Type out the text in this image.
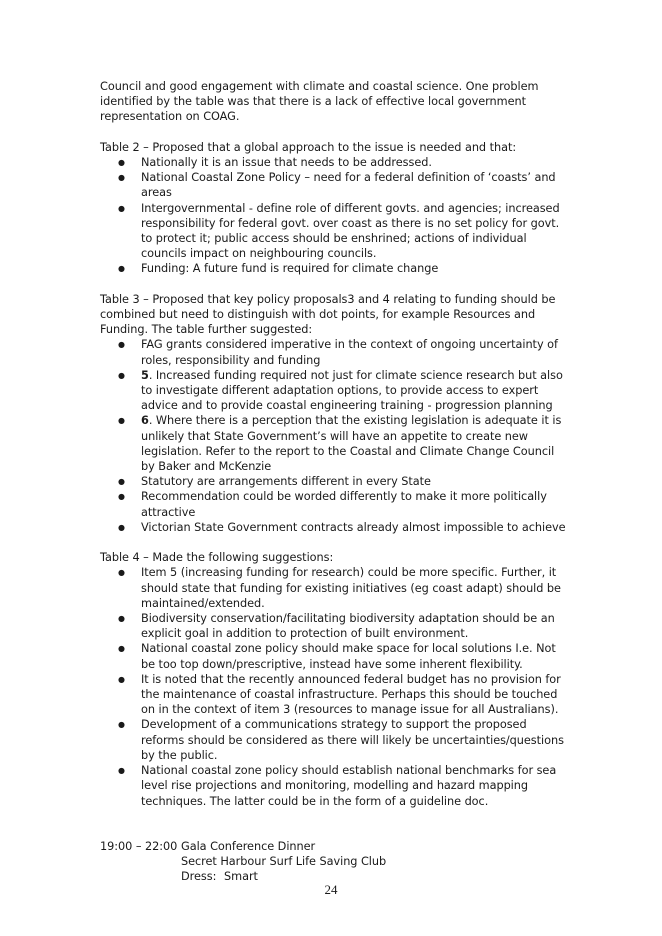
Council and good engagement with climate and coastal science. One problem identified by the table was that there is a lack of effective local government representation on COAG.

Table 2 – Proposed that a global approach to the issue is needed and that:

● Nationally it is an issue that needs to be addressed.
● National Coastal Zone Policy – need for a federal definition of ‘coasts’ and areas
● Intergovernmental - define role of different govts. and agencies; increased responsibility for federal govt. over coast as there is no set policy for govt. to protect it; public access should be enshrined; actions of individual councils impact on neighbouring councils.
● Funding: A future fund is required for climate change

Table 3 – Proposed that key policy proposals3 and 4 relating to funding should be combined but need to distinguish with dot points, for example Resources and Funding. The table further suggested:

● FAG grants considered imperative in the context of ongoing uncertainty of roles, responsibility and funding
● 5. Increased funding required not just for climate science research but also to investigate different adaptation options, to provide access to expert advice and to provide coastal engineering training - progression planning
● 6. Where there is a perception that the existing legislation is adequate it is unlikely that State Government’s will have an appetite to create new legislation. Refer to the report to the Coastal and Climate Change Council by Baker and McKenzie
● Statutory are arrangements different in every State
● Recommendation could be worded differently to make it more politically attractive
● Victorian State Government contracts already almost impossible to achieve

Table 4 – Made the following suggestions:

● Item 5 (increasing funding for research) could be more specific. Further, it should state that funding for existing initiatives (eg coast adapt) should be maintained/extended.
● Biodiversity conservation/facilitating biodiversity adaptation should be an explicit goal in addition to protection of built environment.
● National coastal zone policy should make space for local solutions I.e. Not be too top down/prescriptive, instead have some inherent flexibility.
● It is noted that the recently announced federal budget has no provision for the maintenance of coastal infrastructure. Perhaps this should be touched on in the context of item 3 (resources to manage issue for all Australians).
● Development of a communications strategy to support the proposed reforms should be considered as there will likely be uncertainties/questions by the public.
● National coastal zone policy should establish national benchmarks for sea level rise projections and monitoring, modelling and hazard mapping techniques. The latter could be in the form of a guideline doc.
19:00 – 22:00 Gala Conference Dinner

Secret Harbour Surf Life Saving Club

Dress: Smart

24
